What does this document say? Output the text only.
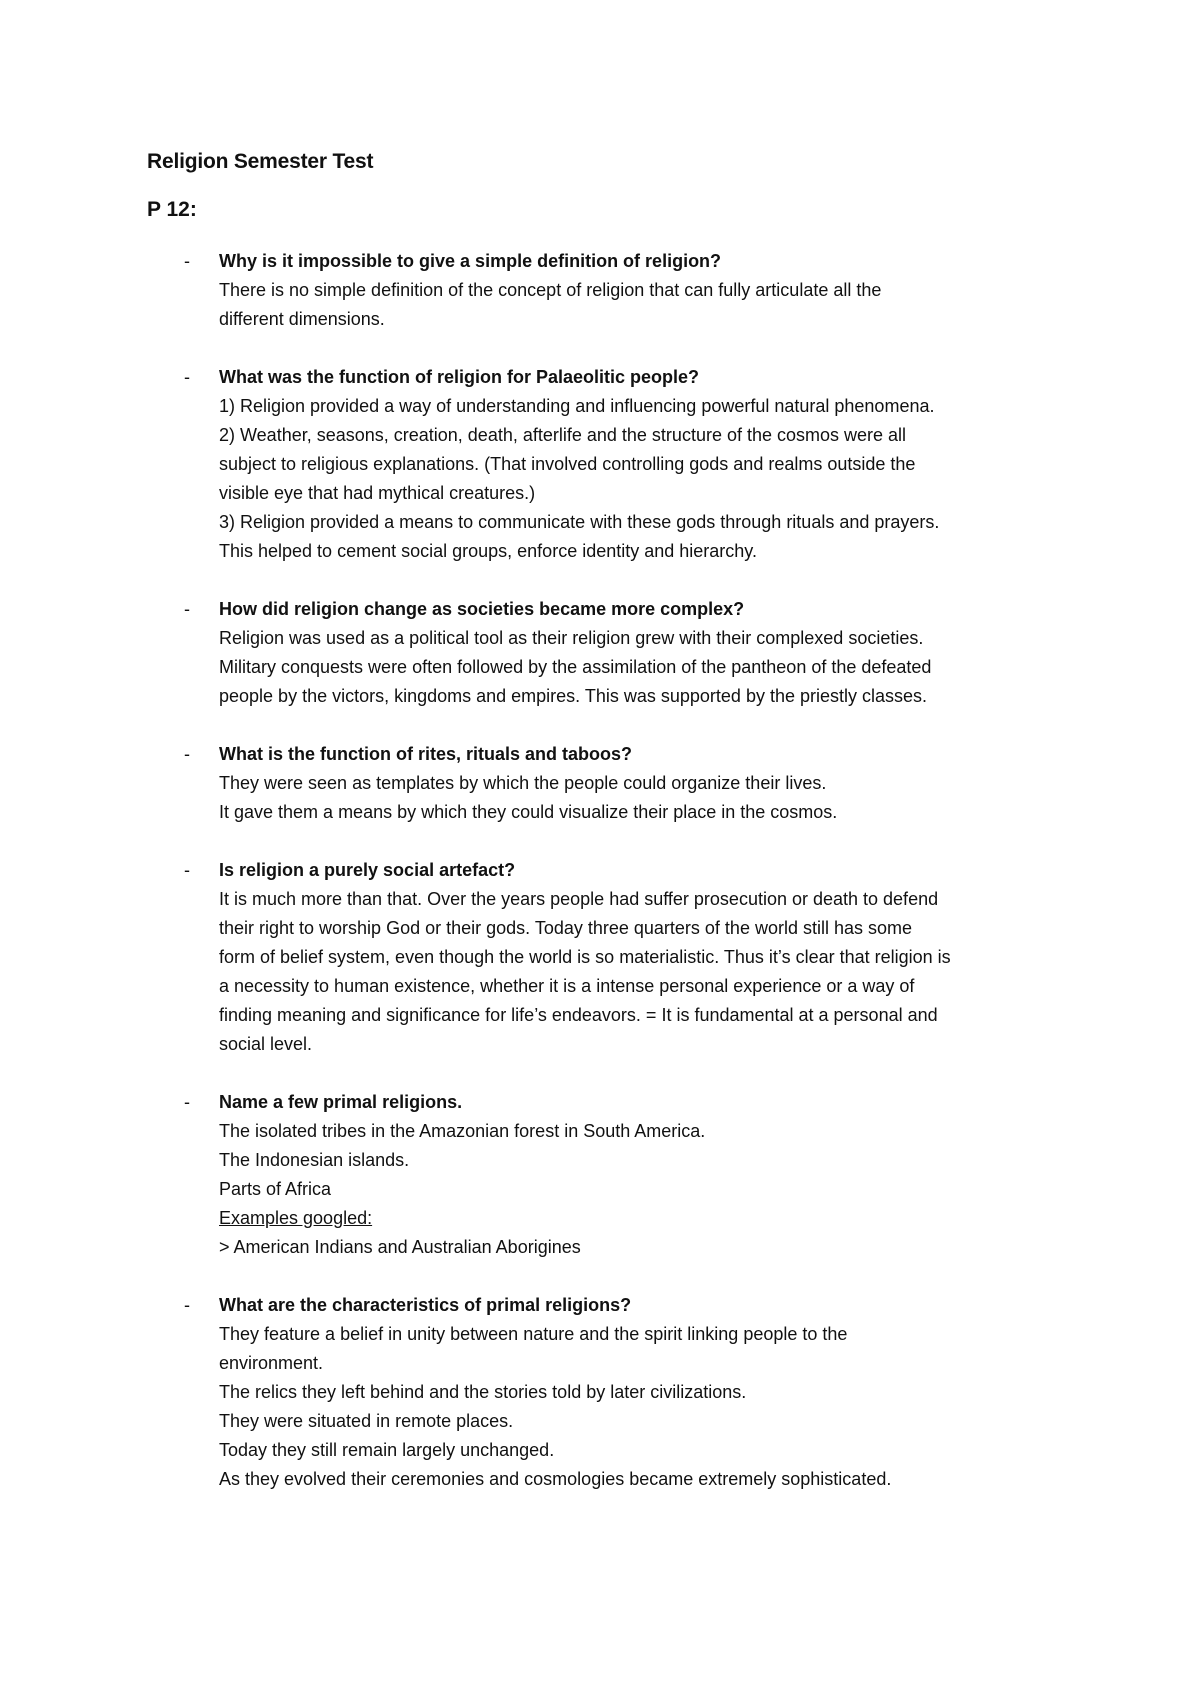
Religion Semester Test
P 12:
-	Why is it impossible to give a simple definition of religion?
There is no simple definition of the concept of religion that can fully articulate all the
different dimensions.
-	What was the function of religion for Palaeolitic people?
1) Religion provided a way of understanding and influencing powerful natural phenomena.
2) Weather, seasons, creation, death, afterlife and the structure of the cosmos were all
subject to religious explanations. (That involved controlling gods and realms outside the
visible eye that had mythical creatures.)
3) Religion provided a means to communicate with these gods through rituals and prayers.
This helped to cement social groups, enforce identity and hierarchy.
-	How did religion change as societies became more complex?
Religion was used as a political tool as their religion grew with their complexed societies.
Military conquests were often followed by the assimilation of the pantheon of the defeated
people by the victors, kingdoms and empires. This was supported by the priestly classes.
-	What is the function of rites, rituals and taboos?
They were seen as templates by which the people could organize their lives.
It gave them a means by which they could visualize their place in the cosmos.
-	Is religion a purely social artefact?
It is much more than that. Over the years people had suffer prosecution or death to defend
their right to worship God or their gods. Today three quarters of the world still has some
form of belief system, even though the world is so materialistic. Thus it’s clear that religion is
a necessity to human existence, whether it is a intense personal experience or a way of
finding meaning and significance for life’s endeavors. = It is fundamental at a personal and
social level.
-	Name a few primal religions.
The isolated tribes in the Amazonian forest in South America.
The Indonesian islands.
Parts of Africa
Examples googled:
> American Indians and Australian Aborigines
-	What are the characteristics of primal religions?
They feature a belief in unity between nature and the spirit linking people to the
environment.
The relics they left behind and the stories told by later civilizations.
They were situated in remote places.
Today they still remain largely unchanged.
As they evolved their ceremonies and cosmologies became extremely sophisticated.
